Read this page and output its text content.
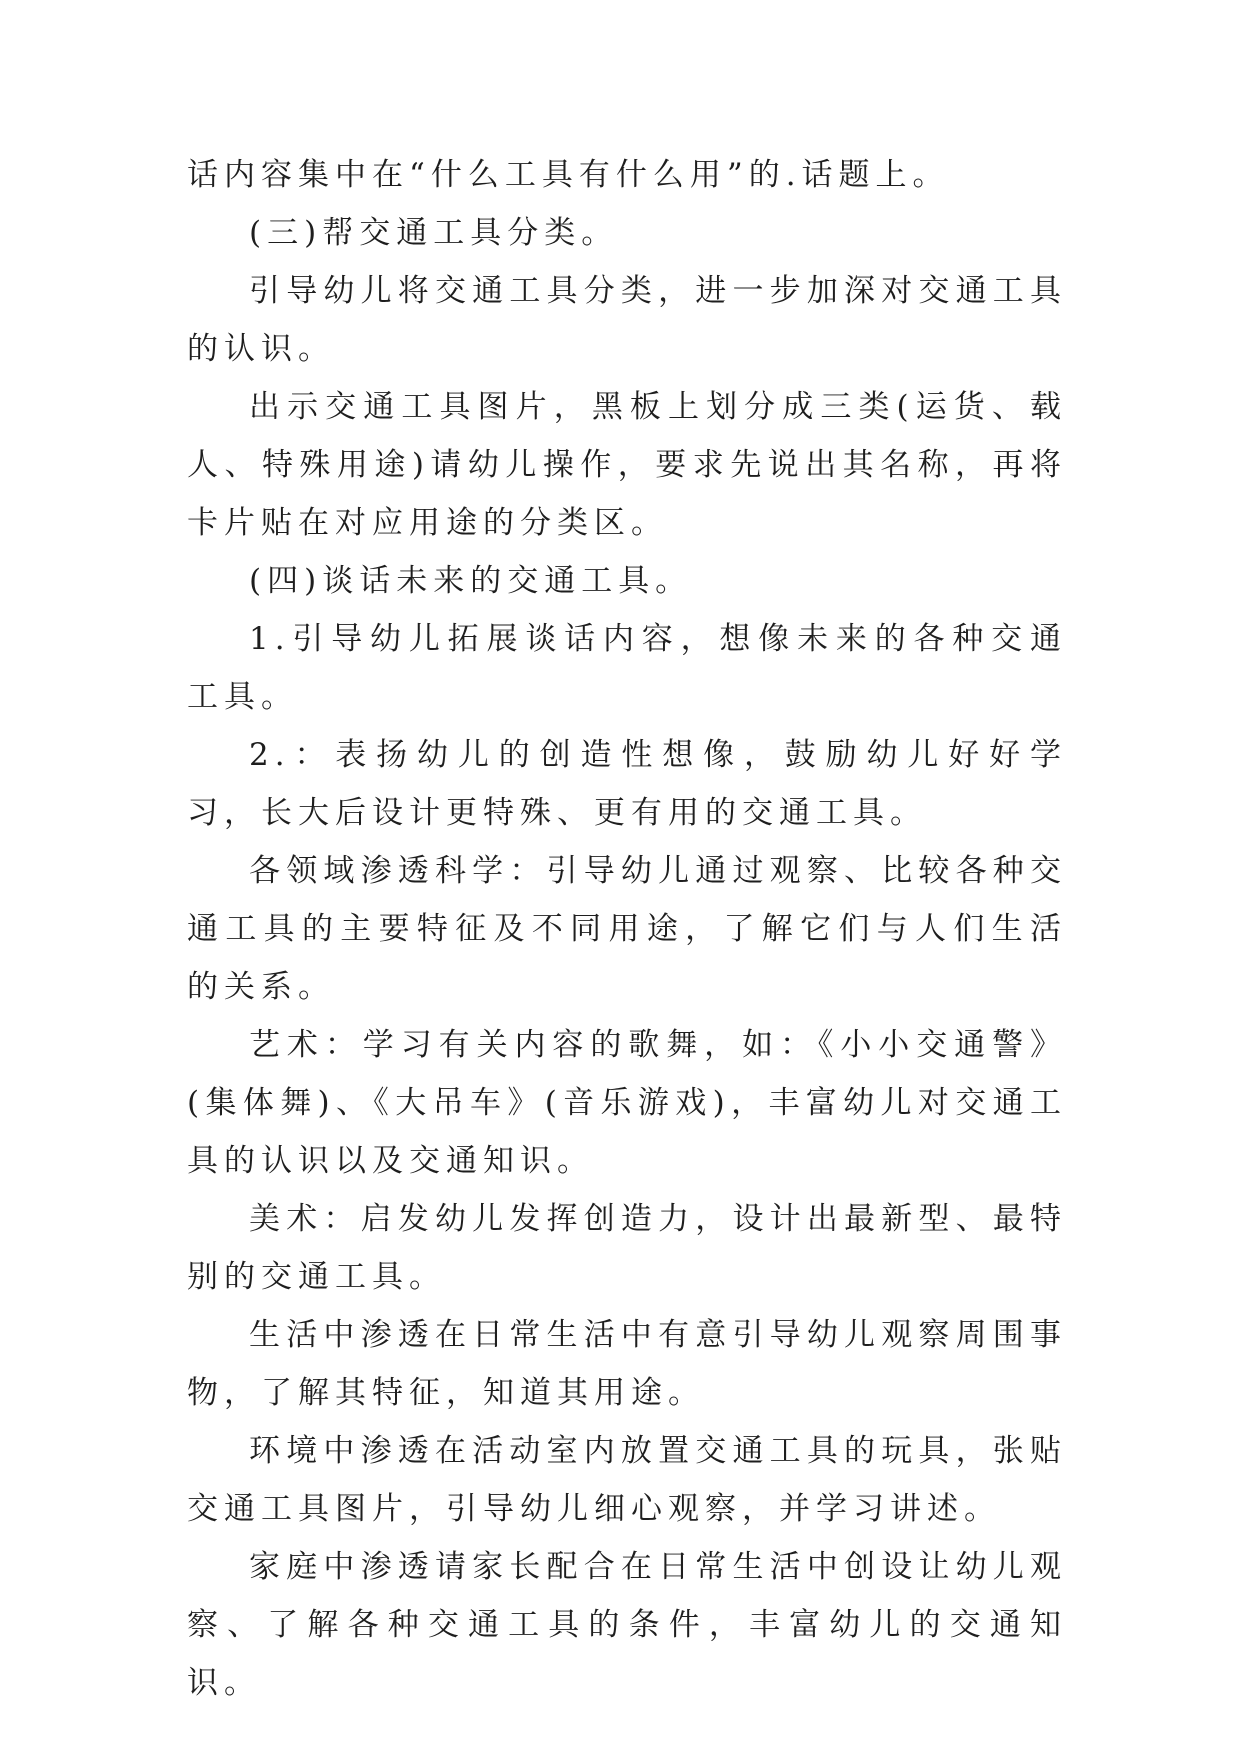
话内容集中在“什么工具有什么用”的.话题上。

(三)帮交通工具分类。

引导幼儿将交通工具分类，进一步加深对交通工具的认识。

出示交通工具图片，黑板上划分成三类(运货、载人、特殊用途)请幼儿操作，要求先说出其名称，再将卡片贴在对应用途的分类区。

(四)谈话未来的交通工具。

1.引导幼儿拓展谈话内容，想像未来的各种交通工具。

2.：表扬幼儿的创造性想像，鼓励幼儿好好学习，长大后设计更特殊、更有用的交通工具。

各领域渗透科学：引导幼儿通过观察、比较各种交通工具的主要特征及不同用途，了解它们与人们生活的关系。

艺术：学习有关内容的歌舞，如：《小小交通警》(集体舞)、《大吊车》(音乐游戏)，丰富幼儿对交通工具的认识以及交通知识。

美术：启发幼儿发挥创造力，设计出最新型、最特别的交通工具。

生活中渗透在日常生活中有意引导幼儿观察周围事物，了解其特征，知道其用途。

环境中渗透在活动室内放置交通工具的玩具，张贴交通工具图片，引导幼儿细心观察，并学习讲述。

家庭中渗透请家长配合在日常生活中创设让幼儿观察、了解各种交通工具的条件，丰富幼儿的交通知识。
